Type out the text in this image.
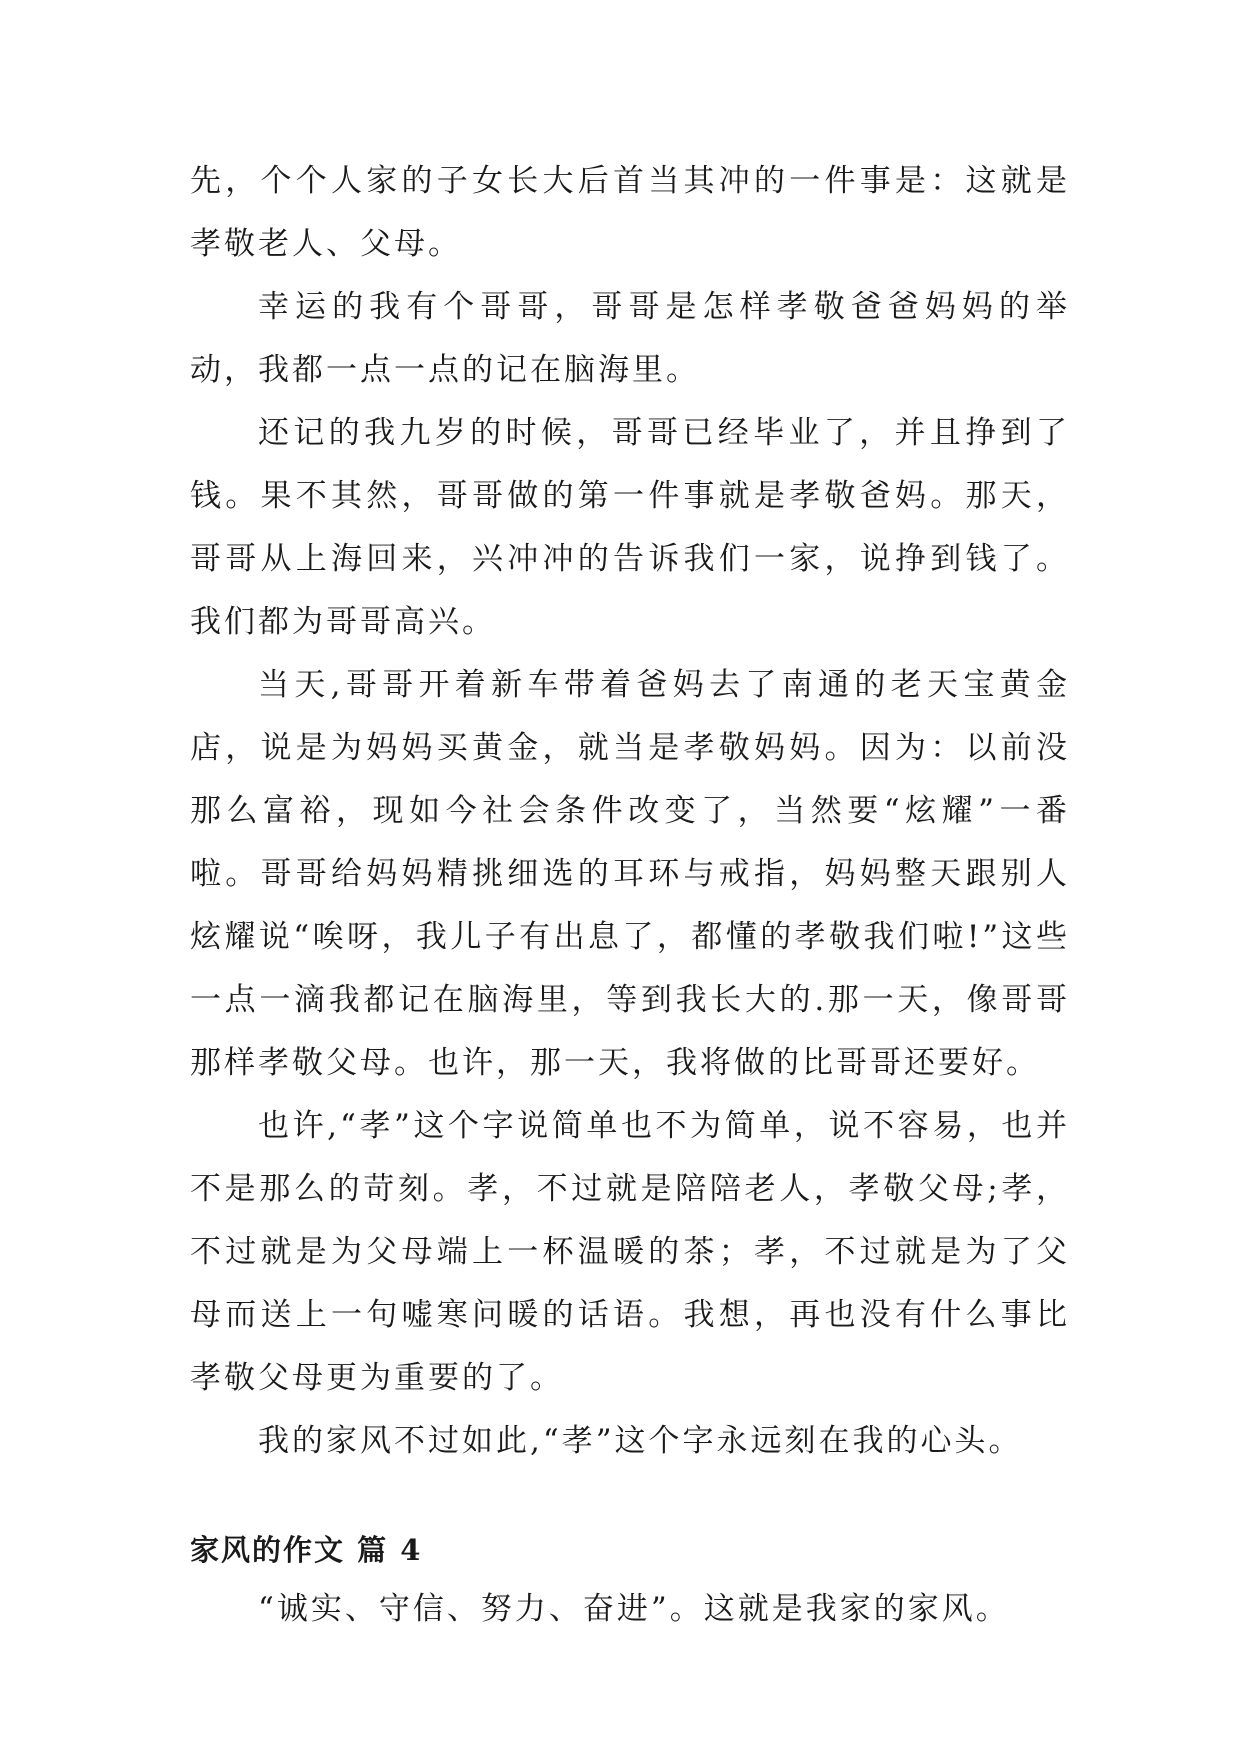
先，个个人家的子女长大后首当其冲的一件事是：这就是孝敬老人、父母。

幸运的我有个哥哥，哥哥是怎样孝敬爸爸妈妈的举动，我都一点一点的记在脑海里。

还记的我九岁的时候，哥哥已经毕业了，并且挣到了钱。果不其然，哥哥做的第一件事就是孝敬爸妈。那天，哥哥从上海回来，兴冲冲的告诉我们一家，说挣到钱了。我们都为哥哥高兴。

当天,哥哥开着新车带着爸妈去了南通的老天宝黄金店，说是为妈妈买黄金，就当是孝敬妈妈。因为：以前没那么富裕，现如今社会条件改变了，当然要“炫耀”一番啦。哥哥给妈妈精挑细选的耳环与戒指，妈妈整天跟别人炫耀说“唉呀，我儿子有出息了，都懂的孝敬我们啦!”这些一点一滴我都记在脑海里，等到我长大的.那一天，像哥哥那样孝敬父母。也许，那一天，我将做的比哥哥还要好。

也许,“孝”这个字说简单也不为简单，说不容易，也并不是那么的苛刻。孝，不过就是陪陪老人，孝敬父母;孝，不过就是为父母端上一杯温暖的茶；孝，不过就是为了父母而送上一句嘘寒问暖的话语。我想，再也没有什么事比孝敬父母更为重要的了。

我的家风不过如此,“孝”这个字永远刻在我的心头。

家风的作文 篇 4

“诚实、守信、努力、奋进”。这就是我家的家风。
